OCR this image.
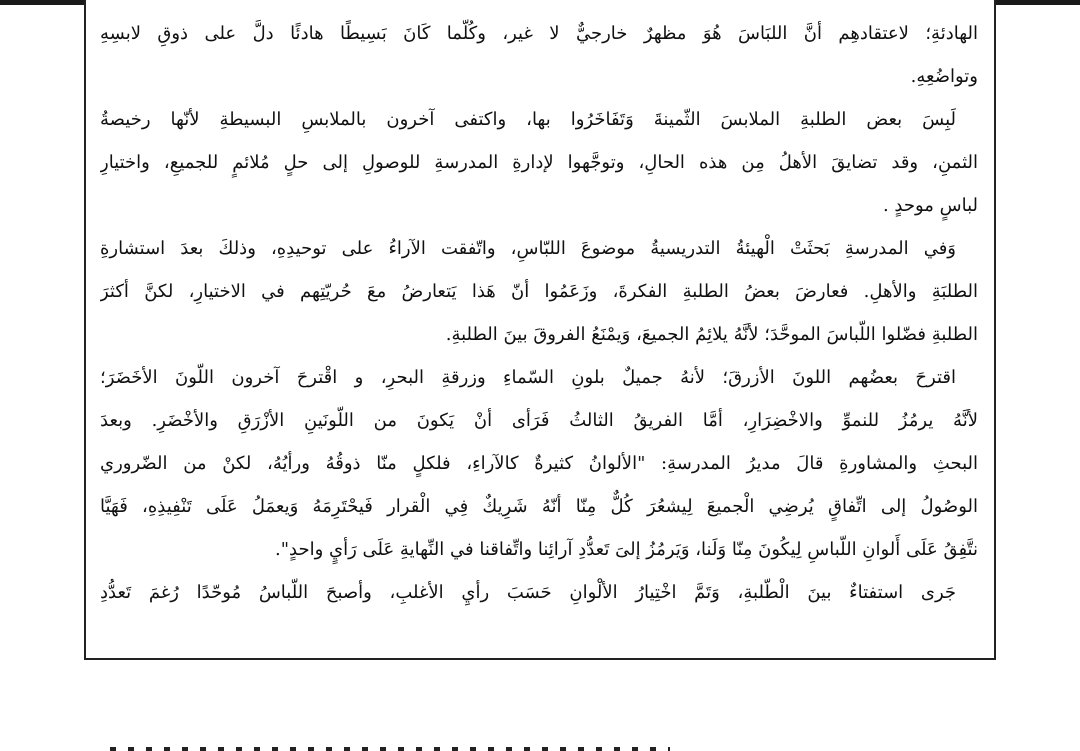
الهادئةِ؛ لاعتقادهِم أنَّ اللبَاسَ هُوَ مظهرٌ خارجيٌّ لا غير، وكُلّما كَانَ بَسِيطًا هادئًا دلَّ على ذوقِ لابسِهِ
وتواضُعِهِ.
لَبِسَ بعض الطلبةِ الملابسَ الثّمينةَ وَتَفَاخَرُوا بها، واكتفى آخرون بالملابسِ البسيطةِ لأنّها رخيصةُ
الثمنِ، وقد تضايقَ الأهلُ مِن هذه الحالِ، وتوجَّهوا لإدارةِ المدرسةِ للوصولِ إلى حلٍ مُلائمٍ للجميعِ، واختيارِ
لباسٍ موحدٍ .
وَفي المدرسةِ بَحثَتْ الْهيئةُ التدريسيةُ موضوعَ اللبّاسِ، واتّفقت الآراءُ على توحيدِهِ، وذلكَ بعدَ استشارةِ
الطلبَةِ والأهلِ. فعارضَ بعضُ الطلبةِ الفكرةَ، وزَعَمُوا أنّ هَذا يَتعارضُ معَ حُريّتِهم في الاختيارِ، لكنَّ أكثرَ
الطلبةِ فضّلوا اللّباسَ الموحَّدَ؛ لأنَّهُ يلائِمُ الجميعَ، وَيمْنَعُ الفروقَ بينَ الطلبةِ.
اقترحَ بعضُهم اللونَ الأزرقَ؛ لأنهُ جميلٌ بلونِ السّماءِ وزرقةِ البحرِ، و اقْترحَ آخرون اللّونَ الأخَضَرَ؛
لأنَّهُ يرمُزُ للنموِّ والاخْضِرَارِ، أمَّا الفريقُ الثالثُ فَرَأى أنْ يَكونَ من اللّونَينِ الأزْرَقِ والأخْضَرِ. وبعدَ
البحثِ والمشاورةِ قالَ مديرُ المدرسةِ: "الألوانُ كثيرةٌ كالآراءِ، فلكلٍ منّا ذوقُهُ ورأيُهُ، لكنْ من الضّروري
الوصُولُ إلى اتِّفاقٍ يُرضِي الْجميعَ لِيشعُرَ كُلٌّ مِنّا أنّهُ شَرِيكٌ فِي الْقرار فَيحْتَرِمَهُ وَيعمَلُ عَلَى تَنْفِيذِهِ، فَهَيَّا
نتَّفِقُ عَلَى أَلوانِ اللّباسِ لِيكُونَ مِنّا وَلَنا، وَيَرمُزُ إلىَ تَعدُّدِ آرائِنا واتِّفاقنا في النِّهايةِ عَلَى رَأيٍ واحدٍ".
جَرى استفتاءٌ بينَ الْطّلبةِ، وَتَمَّ اخْتِيارُ الألْوانِ حَسَبَ رأيِ الأغلبِ، وأصبحَ اللّباسُ مُوحّدًا رُغمَ تَعدُّدِ
